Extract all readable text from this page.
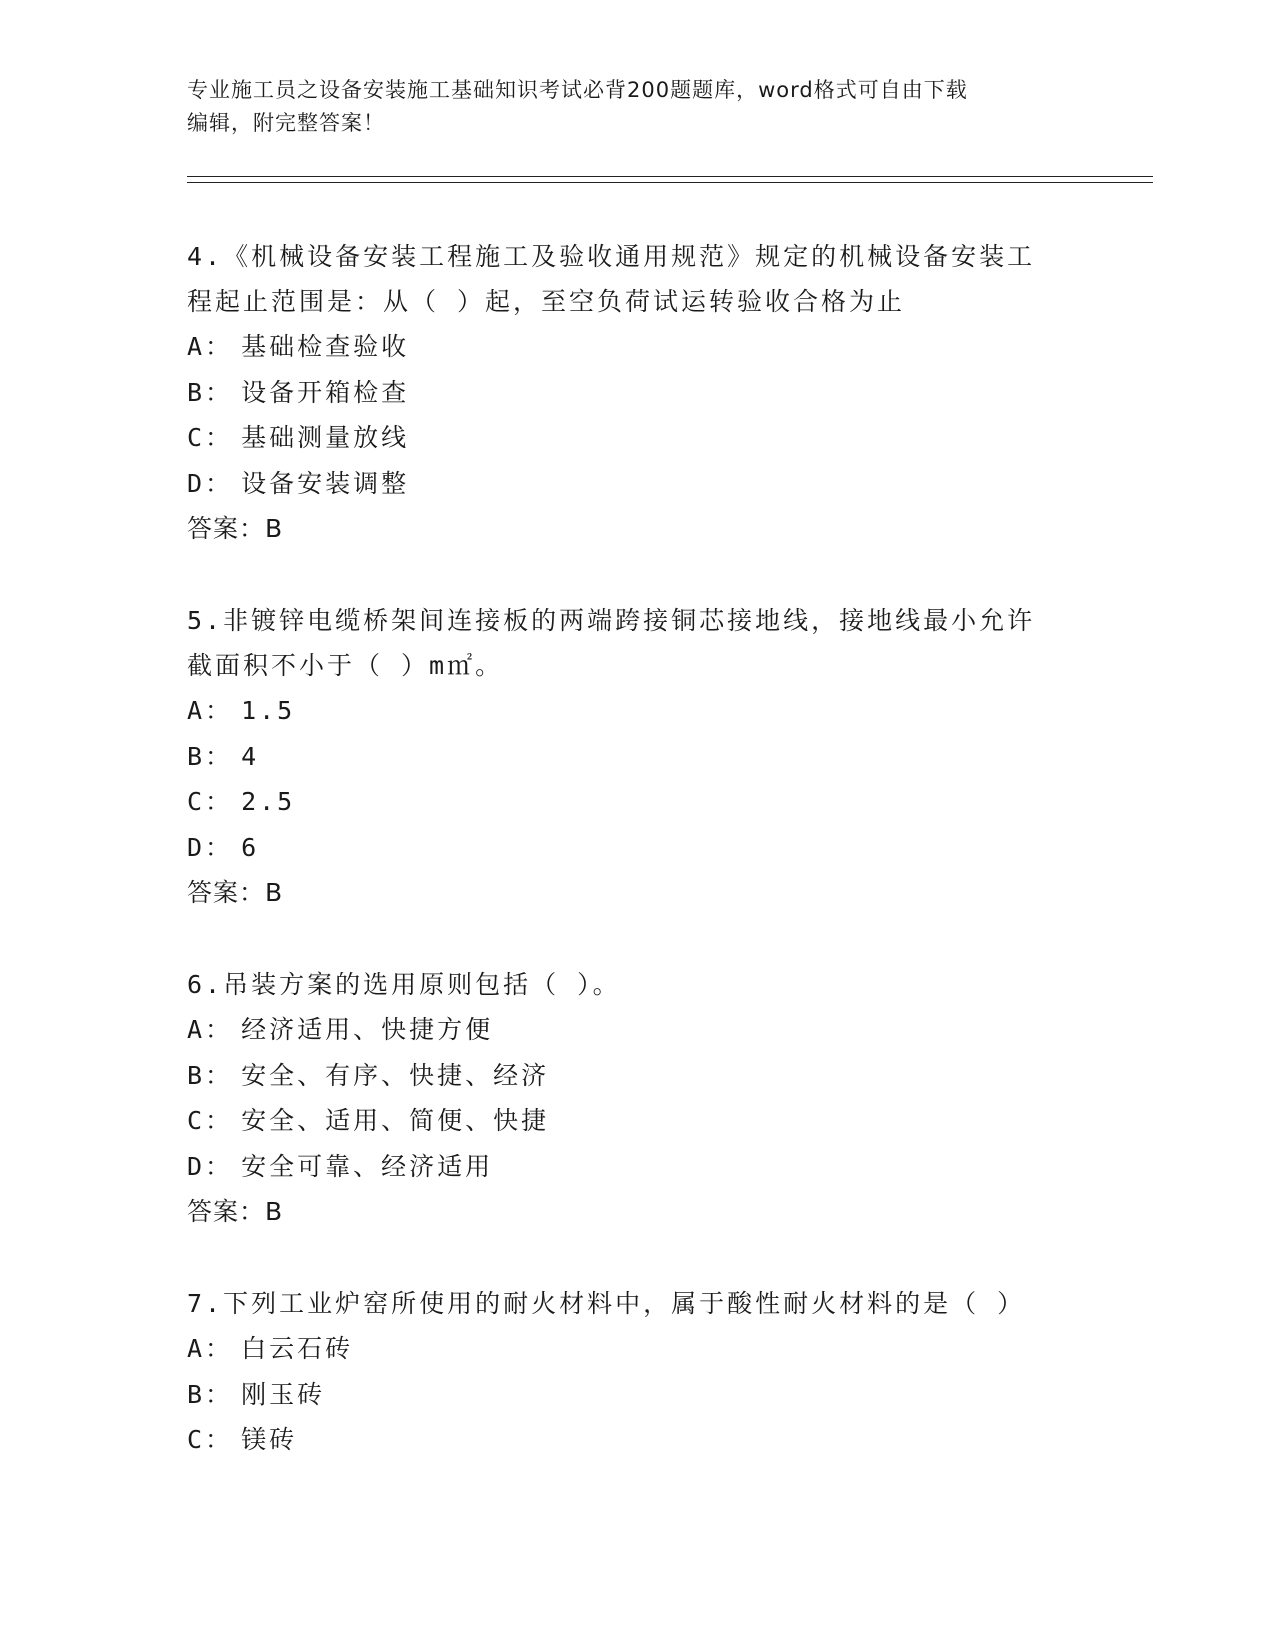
专业施工员之设备安装施工基础知识考试必背200题题库，word格式可自由下载
编辑，附完整答案！

4.《机械设备安装工程施工及验收通用规范》规定的机械设备安装工

程起止范围是：从（ ）起，至空负荷试运转验收合格为止

A： 基础检查验收

B： 设备开箱检查

C： 基础测量放线

D： 设备安装调整

答案：B

5.非镀锌电缆桥架间连接板的两端跨接铜芯接地线，接地线最小允许

截面积不小于（ ）m㎡。

A： 1.5

B： 4

C： 2.5

D： 6

答案：B

6.吊装方案的选用原则包括（ ）。

A： 经济适用、快捷方便

B： 安全、有序、快捷、经济

C： 安全、适用、简便、快捷

D： 安全可靠、经济适用

答案：B

7.下列工业炉窑所使用的耐火材料中，属于酸性耐火材料的是（ ）

A： 白云石砖

B： 刚玉砖

C： 镁砖
